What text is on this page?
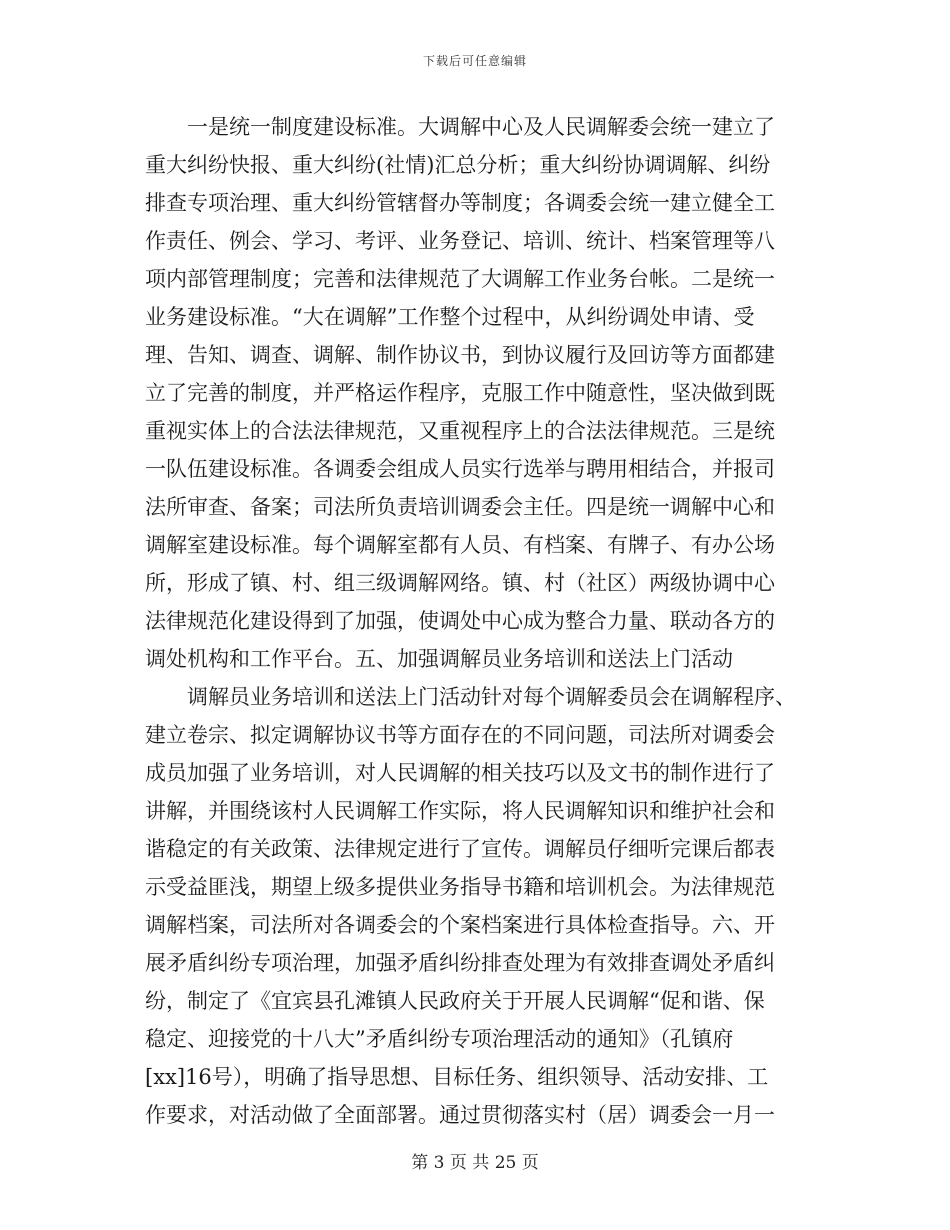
下载后可任意编辑
　　一是统一制度建设标准。大调解中心及人民调解委会统一建立了
重大纠纷快报、重大纠纷(社情)汇总分析；重大纠纷协调调解、纠纷
排查专项治理、重大纠纷管辖督办等制度；各调委会统一建立健全工
作责任、例会、学习、考评、业务登记、培训、统计、档案管理等八
项内部管理制度；完善和法律规范了大调解工作业务台帐。二是统一
业务建设标准。“大在调解”工作整个过程中，从纠纷调处申请、受
理、告知、调查、调解、制作协议书，到协议履行及回访等方面都建
立了完善的制度，并严格运作程序，克服工作中随意性，坚决做到既
重视实体上的合法法律规范，又重视程序上的合法法律规范。三是统
一队伍建设标准。各调委会组成人员实行选举与聘用相结合，并报司
法所审查、备案；司法所负责培训调委会主任。四是统一调解中心和
调解室建设标准。每个调解室都有人员、有档案、有牌子、有办公场
所，形成了镇、村、组三级调解网络。镇、村（社区）两级协调中心
法律规范化建设得到了加强，使调处中心成为整合力量、联动各方的
调处机构和工作平台。五、加强调解员业务培训和送法上门活动
　　调解员业务培训和送法上门活动针对每个调解委员会在调解程序、
建立卷宗、拟定调解协议书等方面存在的不同问题，司法所对调委会
成员加强了业务培训，对人民调解的相关技巧以及文书的制作进行了
讲解，并围绕该村人民调解工作实际，将人民调解知识和维护社会和
谐稳定的有关政策、法律规定进行了宣传。调解员仔细听完课后都表
示受益匪浅，期望上级多提供业务指导书籍和培训机会。为法律规范
调解档案，司法所对各调委会的个案档案进行具体检查指导。六、开
展矛盾纠纷专项治理，加强矛盾纠纷排查处理为有效排查调处矛盾纠
纷，制定了《宜宾县孔滩镇人民政府关于开展人民调解“促和谐、保
稳定、迎接党的十八大”矛盾纠纷专项治理活动的通知》（孔镇府
[xx]16号），明确了指导思想、目标任务、组织领导、活动安排、工
作要求，对活动做了全面部署。通过贯彻落实村（居）调委会一月一
第 3 页 共 25 页
